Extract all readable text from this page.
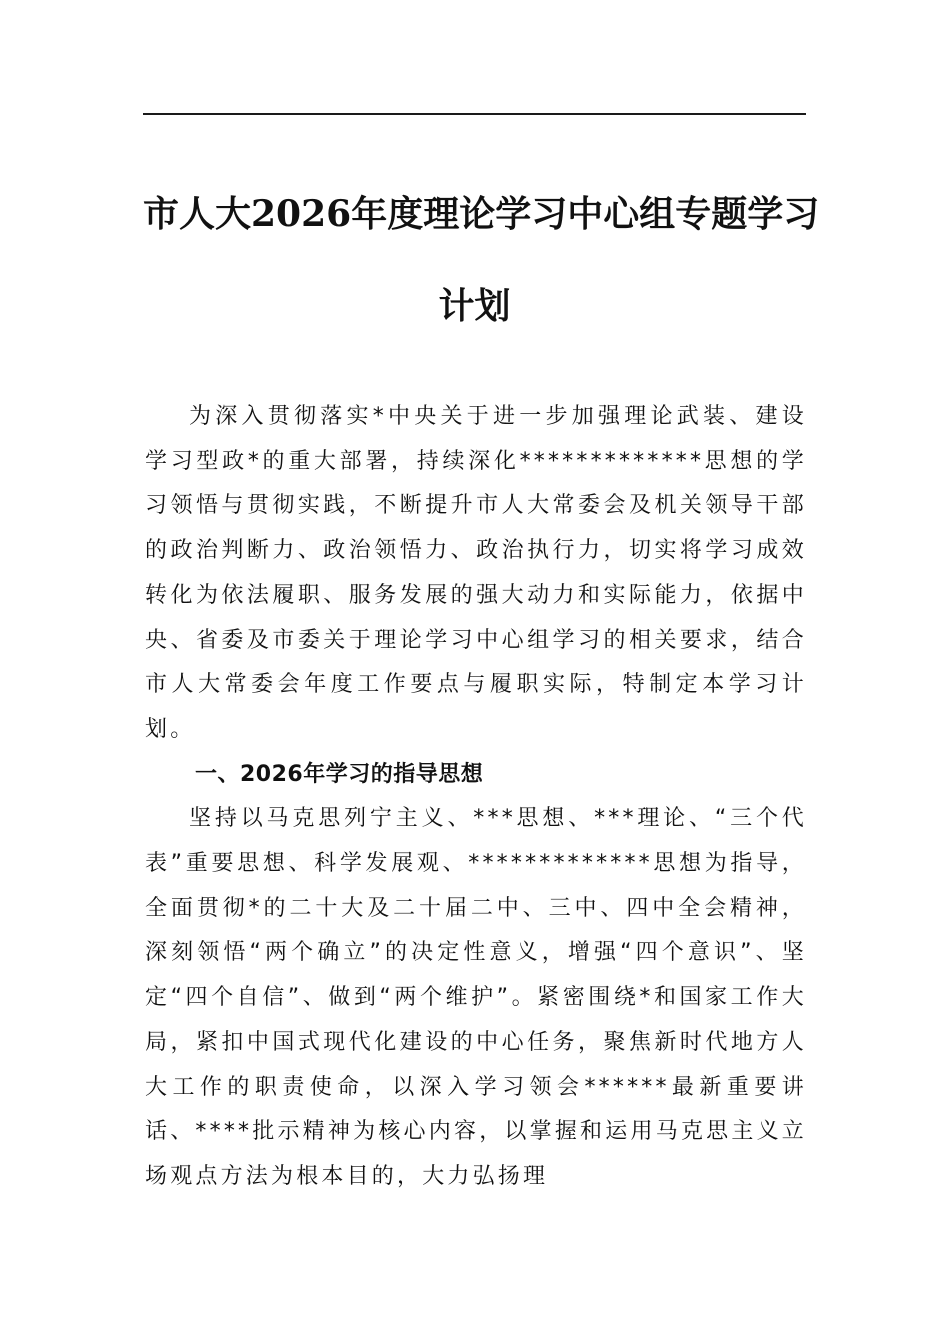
市人大2026年度理论学习中心组专题学习
计划

为深入贯彻落实*中央关于进一步加强理论武装、建设学习型政*的重大部署，持续深化*************思想的学习领悟与贯彻实践，不断提升市人大常委会及机关领导干部的政治判断力、政治领悟力、政治执行力，切实将学习成效转化为依法履职、服务发展的强大动力和实际能力，依据中央、省委及市委关于理论学习中心组学习的相关要求，结合市人大常委会年度工作要点与履职实际，特制定本学习计划。

一、2026年学习的指导思想

坚持以马克思列宁主义、***思想、***理论、“三个代表”重要思想、科学发展观、*************思想为指导，全面贯彻*的二十大及二十届二中、三中、四中全会精神，深刻领悟“两个确立”的决定性意义，增强“四个意识”、坚定“四个自信”、做到“两个维护”。紧密围绕*和国家工作大局，紧扣中国式现代化建设的中心任务，聚焦新时代地方人大工作的职责使命，以深入学习领会******最新重要讲话、****批示精神为核心内容，以掌握和运用马克思主义立场观点方法为根本目的，大力弘扬理
